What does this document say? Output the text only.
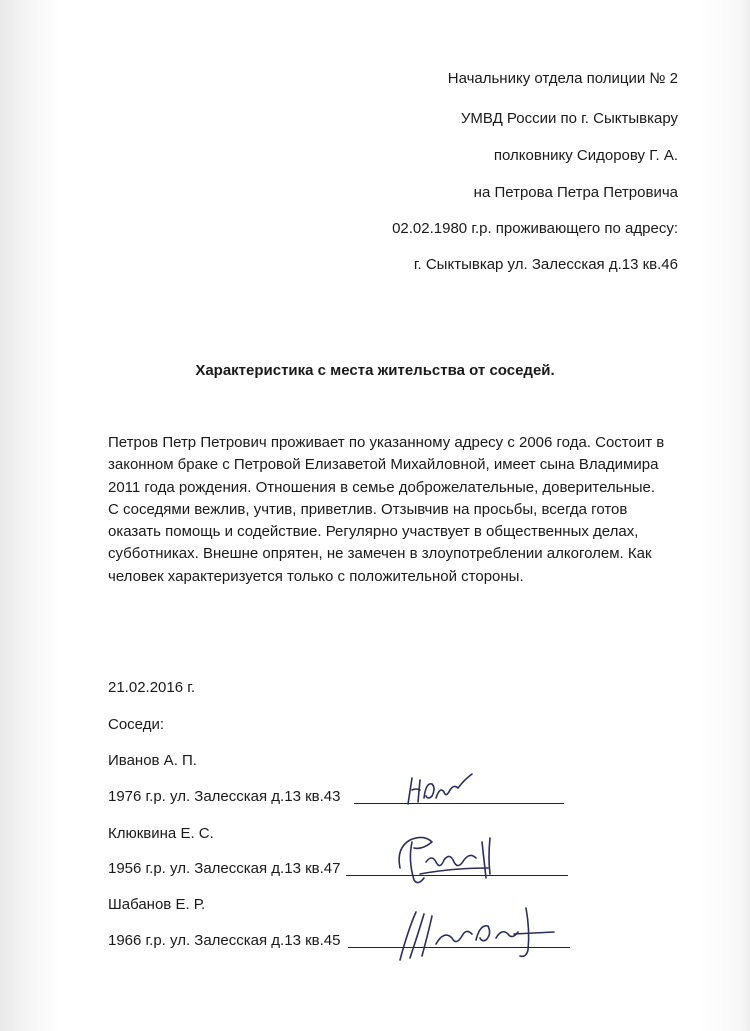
Начальнику отдела полиции № 2
УМВД России по г. Сыктывкару
полковнику Сидорову Г. А.
на Петрова Петра Петровича
02.02.1980 г.р. проживающего по адресу:
г. Сыктывкар ул. Залесская д.13 кв.46
Характеристика с места жительства от соседей.

Петров Петр Петрович проживает по указанному адресу с 2006 года. Состоит в законном браке с Петровой Елизаветой Михайловной, имеет сына Владимира 2011 года рождения. Отношения в семье доброжелательные, доверительные. С соседями вежлив, учтив, приветлив. Отзывчив на просьбы, всегда готов оказать помощь и содействие. Регулярно участвует в общественных делах, субботниках. Внешне опрятен, не замечен в злоупотреблении алкоголем. Как человек характеризуется только с положительной стороны.

21.02.2016 г.
Соседи:
Иванов А. П.
1976 г.р. ул. Залесская д.13 кв.43
Клюквина Е. С.
1956 г.р. ул. Залесская д.13 кв.47
Шабанов Е. Р.
1966 г.р. ул. Залесская д.13 кв.45
